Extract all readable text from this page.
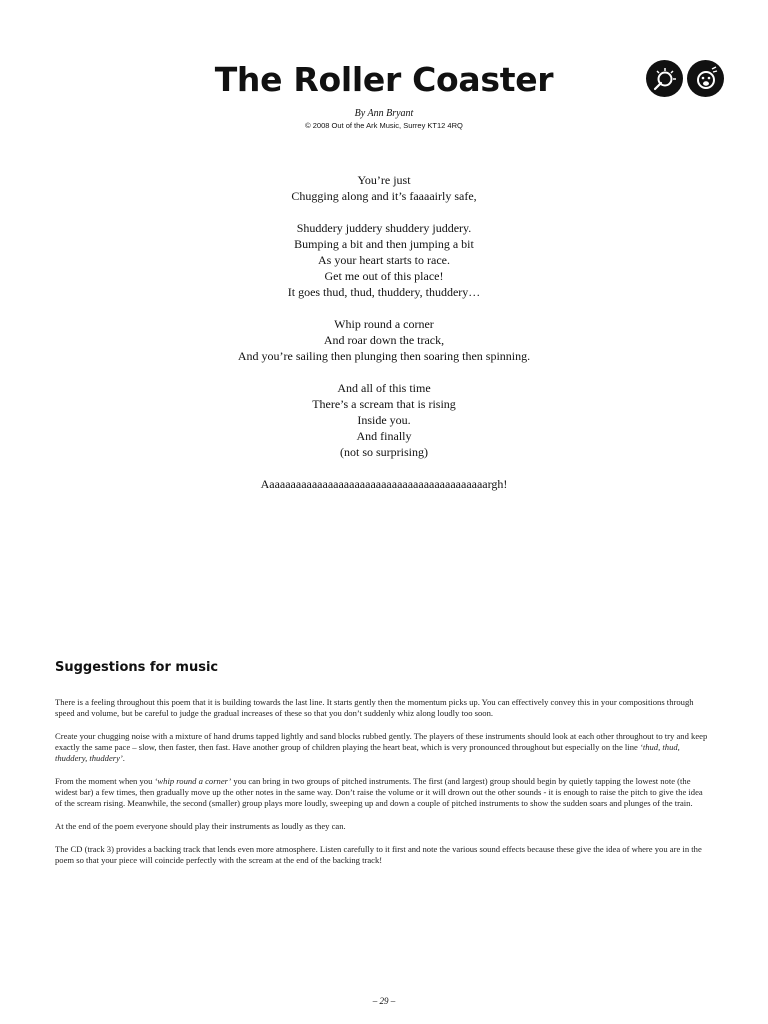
The Roller Coaster
By Ann Bryant
© 2008 Out of the Ark Music, Surrey KT12 4RQ
You’re just
Chugging along and it’s faaaairly safe,
Shuddery juddery shuddery juddery.
Bumping a bit and then jumping a bit
As your heart starts to race.
Get me out of this place!
It goes thud, thud, thuddery, thuddery…
Whip round a corner
And roar down the track,
And you’re sailing then plunging then soaring then spinning.
And all of this time
There’s a scream that is rising
Inside you.
And finally
(not so surprising)
Aaaaaaaaaaaaaaaaaaaaaaaaaaaaaaaaaaaaaaaaaargh!
Suggestions for music

There is a feeling throughout this poem that it is building towards the last line. It starts gently then the momentum picks up. You can effectively convey this in your compositions through speed and volume, but be careful to judge the gradual increases of these so that you don’t suddenly whiz along loudly too soon.

Create your chugging noise with a mixture of hand drums tapped lightly and sand blocks rubbed gently. The players of these instruments should look at each other throughout to try and keep exactly the same pace – slow, then faster, then fast. Have another group of children playing the heart beat, which is very pronounced throughout but especially on the line ‘thud, thud, thuddery, thuddery’.

From the moment when you ‘whip round a corner’ you can bring in two groups of pitched instruments. The first (and largest) group should begin by quietly tapping the lowest note (the widest bar) a few times, then gradually move up the other notes in the same way. Don’t raise the volume or it will drown out the other sounds - it is enough to raise the pitch to give the idea of the scream rising. Meanwhile, the second (smaller) group plays more loudly, sweeping up and down a couple of pitched instruments to show the sudden soars and plunges of the train.

At the end of the poem everyone should play their instruments as loudly as they can.

The CD (track 3) provides a backing track that lends even more atmosphere. Listen carefully to it first and note the various sound effects because these give the idea of where you are in the poem so that your piece will coincide perfectly with the scream at the end of the backing track!

– 29 –
